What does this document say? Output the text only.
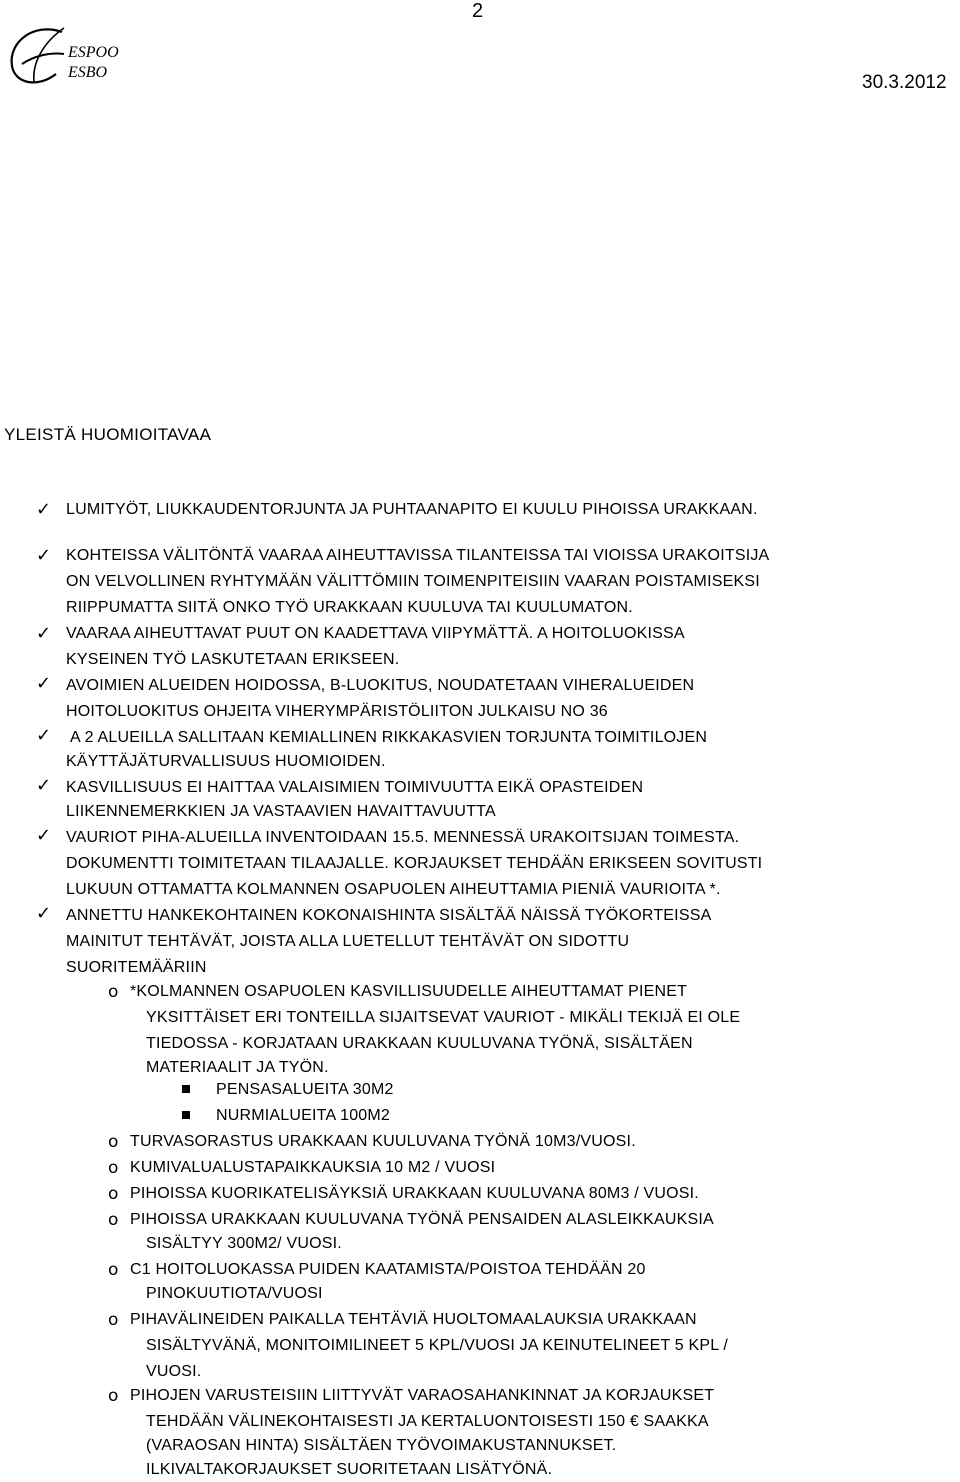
2
ESPOO
ESBO	30.3.2012
YLEISTÄ HUOMIOITAVAA
✓
✓
✓
✓
✓
✓
✓
✓
o
o
o
o
o
o
o
o
LUMITYÖT, LIUKKAUDENTORJUNTA JA PUHTAANAPITO EI KUULU PIHOISSA URAKKAAN.
KOHTEISSA VÄLITÖNTÄ VAARAA AIHEUTTAVISSA TILANTEISSA TAI VIOISSA URAKOITSIJA
ON VELVOLLINEN RYHTYMÄÄN VÄLITTÖMIIN TOIMENPITEISIIN VAARAN POISTAMISEKSI
RIIPPUMATTA SIITÄ ONKO TYÖ URAKKAAN KUULUVA TAI KUULUMATON.
VAARAA AIHEUTTAVAT PUUT ON KAADETTAVA VIIPYMÄTTÄ. A HOITOLUOKISSA
KYSEINEN TYÖ LASKUTETAAN ERIKSEEN.
AVOIMIEN ALUEIDEN HOIDOSSA, B-LUOKITUS, NOUDATETAAN VIHERALUEIDEN
HOITOLUOKITUS OHJEITA VIHERYMPÄRISTÖLIITON JULKAISU NO 36
A 2 ALUEILLA SALLITAAN KEMIALLINEN RIKKAKASVIEN TORJUNTA TOIMITILOJEN
KÄYTTÄJÄTURVALLISUUS HUOMIOIDEN.
KASVILLISUUS EI HAITTAA VALAISIMIEN TOIMIVUUTTA EIKÄ OPASTEIDEN
LIIKENNEMERKKIEN JA VASTAAVIEN HAVAITTAVUUTTA
VAURIOT PIHA-ALUEILLA INVENTOIDAAN 15.5. MENNESSÄ URAKOITSIJAN TOIMESTA.
DOKUMENTTI TOIMITETAAN TILAAJALLE. KORJAUKSET TEHDÄÄN ERIKSEEN SOVITUSTI
LUKUUN OTTAMATTA KOLMANNEN OSAPUOLEN AIHEUTTAMIA PIENIÄ VAURIOITA *.
ANNETTU HANKEKOHTAINEN KOKONAISHINTA SISÄLTÄÄ NÄISSÄ TYÖKORTEISSA
MAINITUT TEHTÄVÄT, JOISTA ALLA LUETELLUT TEHTÄVÄT ON SIDOTTU
SUORITEMÄÄRIIN
*KOLMANNEN OSAPUOLEN KASVILLISUUDELLE AIHEUTTAMAT PIENET
YKSITTÄISET ERI TONTEILLA SIJAITSEVAT VAURIOT - MIKÄLI TEKIJÄ EI OLE
TIEDOSSA - KORJATAAN URAKKAAN KUULUVANA TYÖNÄ, SISÄLTÄEN
MATERIAALIT JA TYÖN.
PENSASALUEITA 30M2
NURMIALUEITA 100M2
TURVASORASTUS URAKKAAN KUULUVANA TYÖNÄ 10M3/VUOSI.
KUMIVALUALUSTAPAIKKAUKSIA 10 M2 / VUOSI
PIHOISSA KUORIKATELISÄYKSIÄ URAKKAAN KUULUVANA 80M3 / VUOSI.
PIHOISSA URAKKAAN KUULUVANA TYÖNÄ PENSAIDEN ALASLEIKKAUKSIA
SISÄLTYY 300M2/ VUOSI.
C1 HOITOLUOKASSA PUIDEN KAATAMISTA/POISTOA TEHDÄÄN 20
PINOKUUTIOTA/VUOSI
PIHAVÄLINEIDEN PAIKALLA TEHTÄVIÄ HUOLTOMAALAUKSIA URAKKAAN
SISÄLTYVÄNÄ, MONITOIMILINEET 5 KPL/VUOSI JA KEINUTELINEET 5 KPL /
VUOSI.
PIHOJEN VARUSTEISIIN LIITTYVÄT VARAOSAHANKINNAT JA KORJAUKSET
TEHDÄÄN VÄLINEKOHTAISESTI JA KERTALUONTOISESTI 150 € SAAKKA
(VARAOSAN HINTA) SISÄLTÄEN TYÖVOIMAKUSTANNUKSET.
ILKIVALTAKORJAUKSET SUORITETAAN LISÄTYÖNÄ.
